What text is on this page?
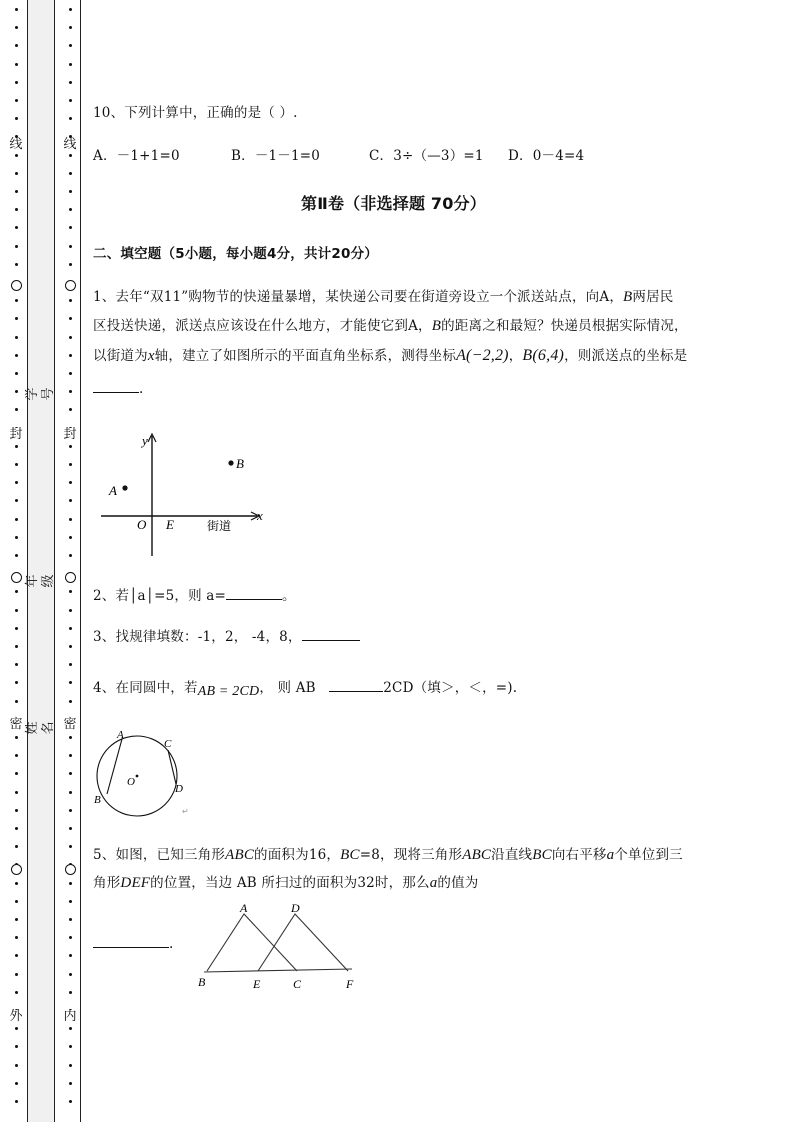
线
封
密
外
线
封
密
内
学号
年级
姓名
10、下列计算中，正确的是（ ）.
A．－1+1=0	B．－1－1=0	C．3÷（—3）=1 D．0－4=4
第Ⅱ卷（非选择题 70分）
二、填空题（5小题，每小题4分，共计20分）
1、去年“双11”购物节的快递量暴增，某快递公司要在街道旁设立一个派送站点，向A，B两居民
区投送快递，派送点应该设在什么地方，才能使它到A，B的距离之和最短？快递员根据实际情况，
以街道为x轴，建立了如图所示的平面直角坐标系，测得坐标A(−2,2)，B(6,4)，则派送点的坐标是
.
y
x
A
B
O E	街道
2、若│a│=5，则 a=	。
3、找规律填数：-1，2， -4，8，
4、在同圆中，若AB = 2CD， 则 AB	2CD（填＞，＜，=).
A
C
O
B
D
↵
5、如图，已知三角形ABC的面积为16，BC=8，现将三角形ABC沿直线BC向右平移a个单位到三
角形DEF的位置，当边 AB 所扫过的面积为32时，那么a的值为
.
A	D
B	E	C	F
